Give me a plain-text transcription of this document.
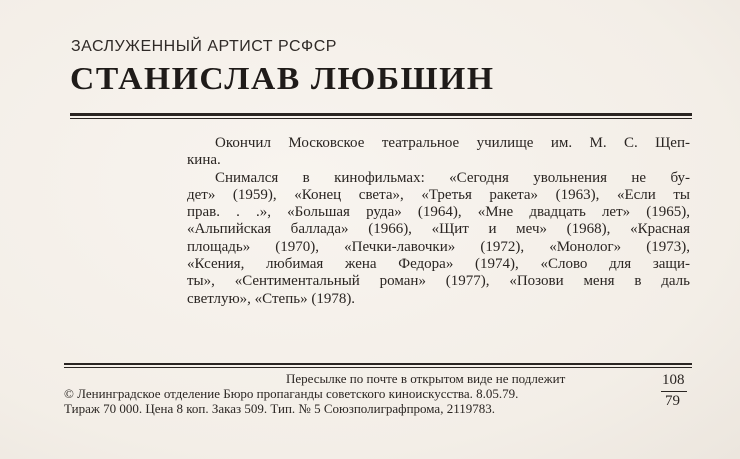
ЗАСЛУЖЕННЫЙ АРТИСТ РСФСР
СТАНИСЛАВ ЛЮБШИН
Окончил Московское театральное училище им. М. С. Щеп-
кина.
Снимался в кинофильмах: «Сегодня увольнения не бу-
дет» (1959), «Конец света», «Третья ракета» (1963), «Если ты
прав. . .», «Большая руда» (1964), «Мне двадцать лет» (1965),
«Альпийская баллада» (1966), «Щит и меч» (1968), «Красная
площадь» (1970), «Печки-лавочки» (1972), «Монолог» (1973),
«Ксения, любимая жена Федора» (1974), «Слово для защи-
ты», «Сентиментальный роман» (1977), «Позови меня в даль
светлую», «Степь» (1978).
Пересылке по почте в открытом виде не подлежит
© Ленинградское отделение Бюро пропаганды советского киноискусства. 8.05.79.
Тираж 70 000. Цена 8 коп. Заказ 509. Тип. № 5 Союзполиграфпрома, 2119783.
108
79
